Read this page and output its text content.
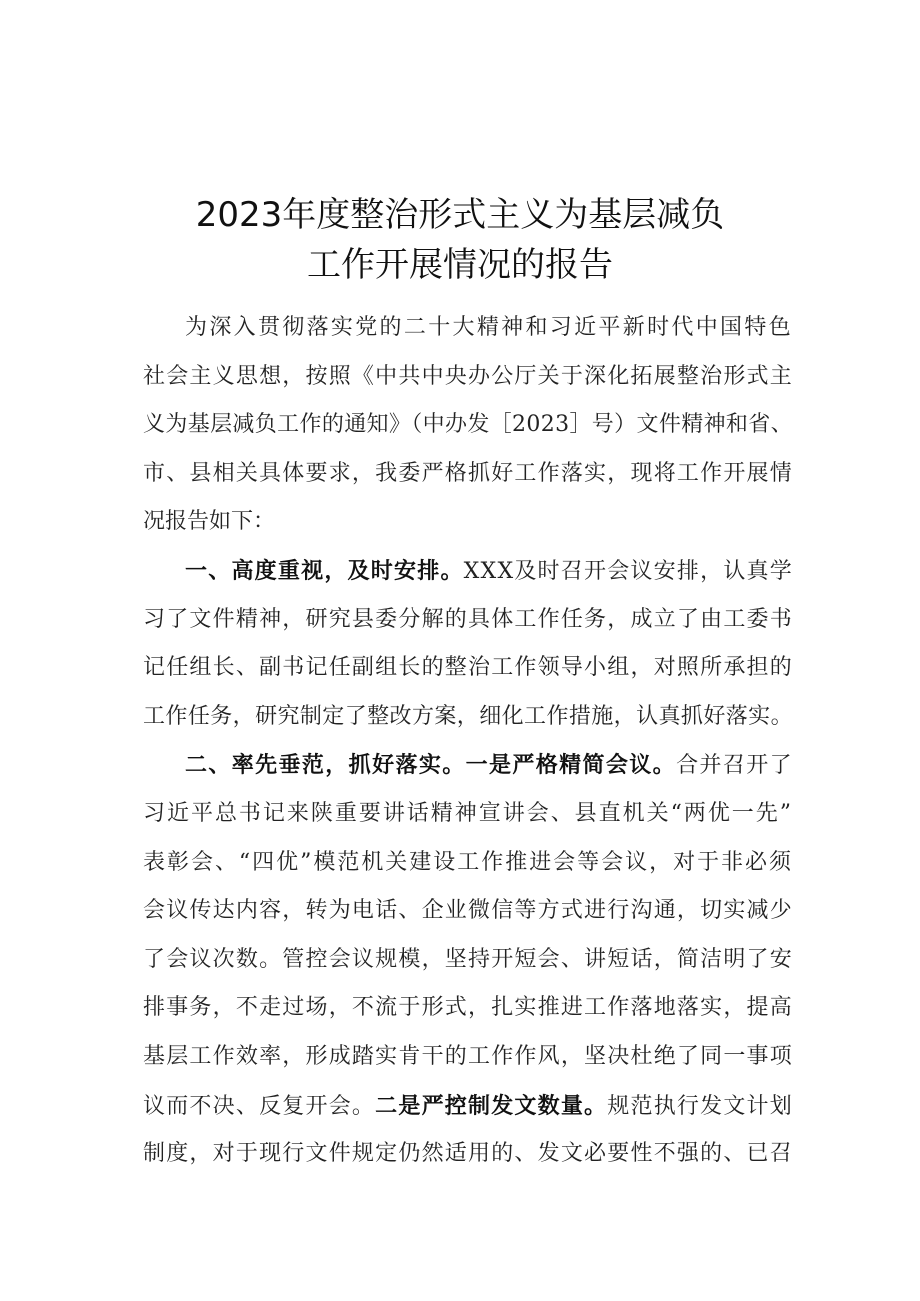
2023年度整治形式主义为基层减负
工作开展情况的报告
为深入贯彻落实党的二十大精神和习近平新时代中国特色
社会主义思想，按照《中共中央办公厅关于深化拓展整治形式主
义为基层减负工作的通知》（中办发［2023］号）文件精神和省、
市、县相关具体要求，我委严格抓好工作落实，现将工作开展情
况报告如下：
一、高度重视，及时安排。XXX及时召开会议安排，认真学
习了文件精神，研究县委分解的具体工作任务，成立了由工委书
记任组长、副书记任副组长的整治工作领导小组，对照所承担的
工作任务，研究制定了整改方案，细化工作措施，认真抓好落实。
二、率先垂范，抓好落实。一是严格精简会议。合并召开了
习近平总书记来陕重要讲话精神宣讲会、县直机关“两优一先”
表彰会、“四优”模范机关建设工作推进会等会议，对于非必须
会议传达内容，转为电话、企业微信等方式进行沟通，切实减少
了会议次数。管控会议规模，坚持开短会、讲短话，简洁明了安
排事务，不走过场，不流于形式，扎实推进工作落地落实，提高
基层工作效率，形成踏实肯干的工作作风，坚决杜绝了同一事项
议而不决、反复开会。二是严控制发文数量。规范执行发文计划
制度，对于现行文件规定仍然适用的、发文必要性不强的、已召
